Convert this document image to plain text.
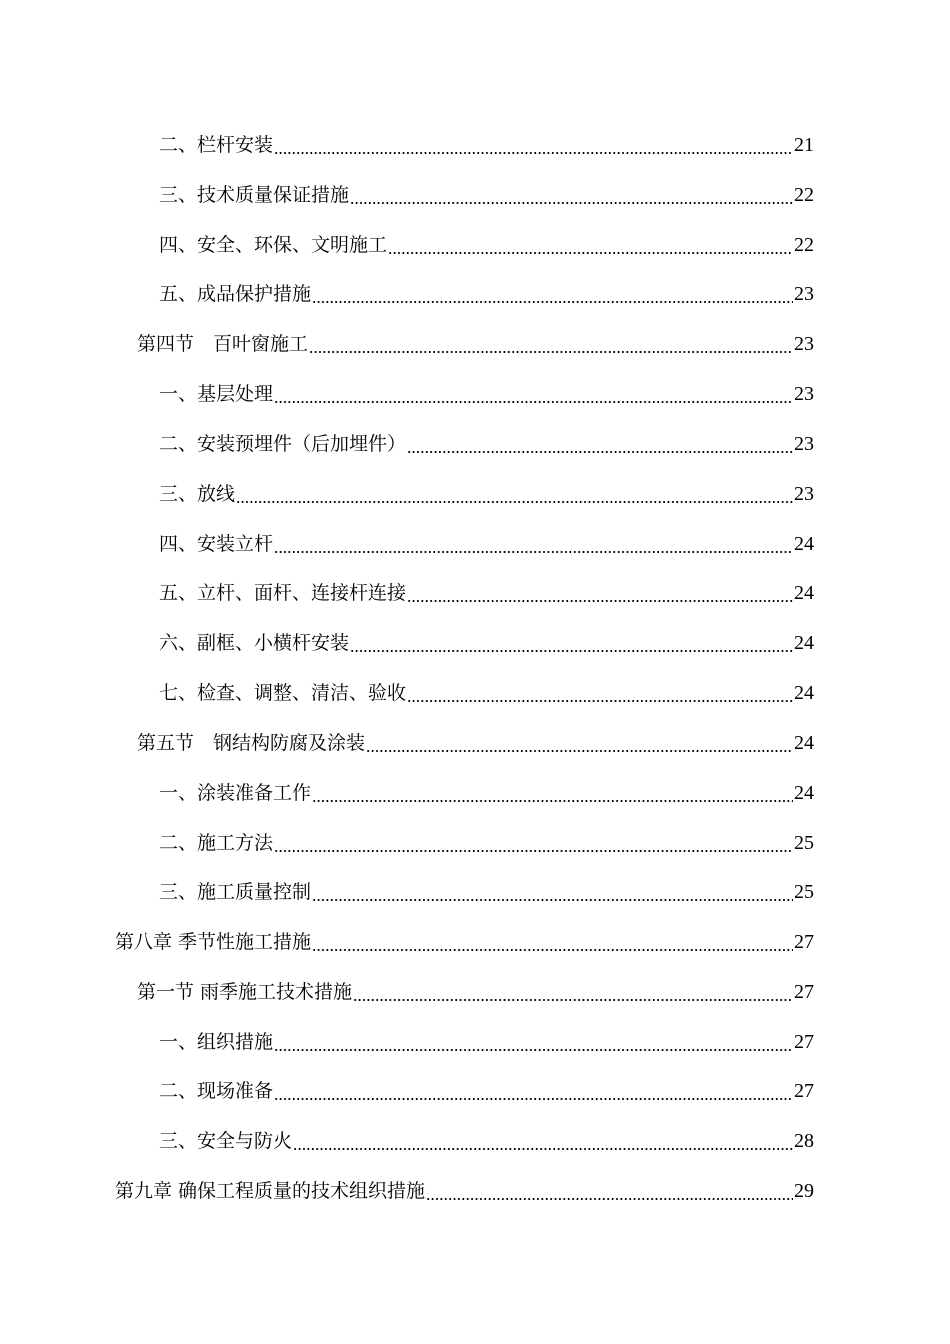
二、栏杆安装	21
三、技术质量保证措施	22
四、安全、环保、文明施工	22
五、成品保护措施	23
第四节　百叶窗施工	23
一、基层处理	23
二、安装预埋件（后加埋件）	23
三、放线	23
四、安装立杆	24
五、立杆、面杆、连接杆连接	24
六、副框、小横杆安装	24
七、检查、调整、清洁、验收	24
第五节　钢结构防腐及涂装	24
一、涂装准备工作	24
二、施工方法	25
三、施工质量控制	25
第八章 季节性施工措施	27
第一节 雨季施工技术措施	27
一、组织措施	27
二、现场准备	27
三、安全与防火	28
第九章 确保工程质量的技术组织措施	29
